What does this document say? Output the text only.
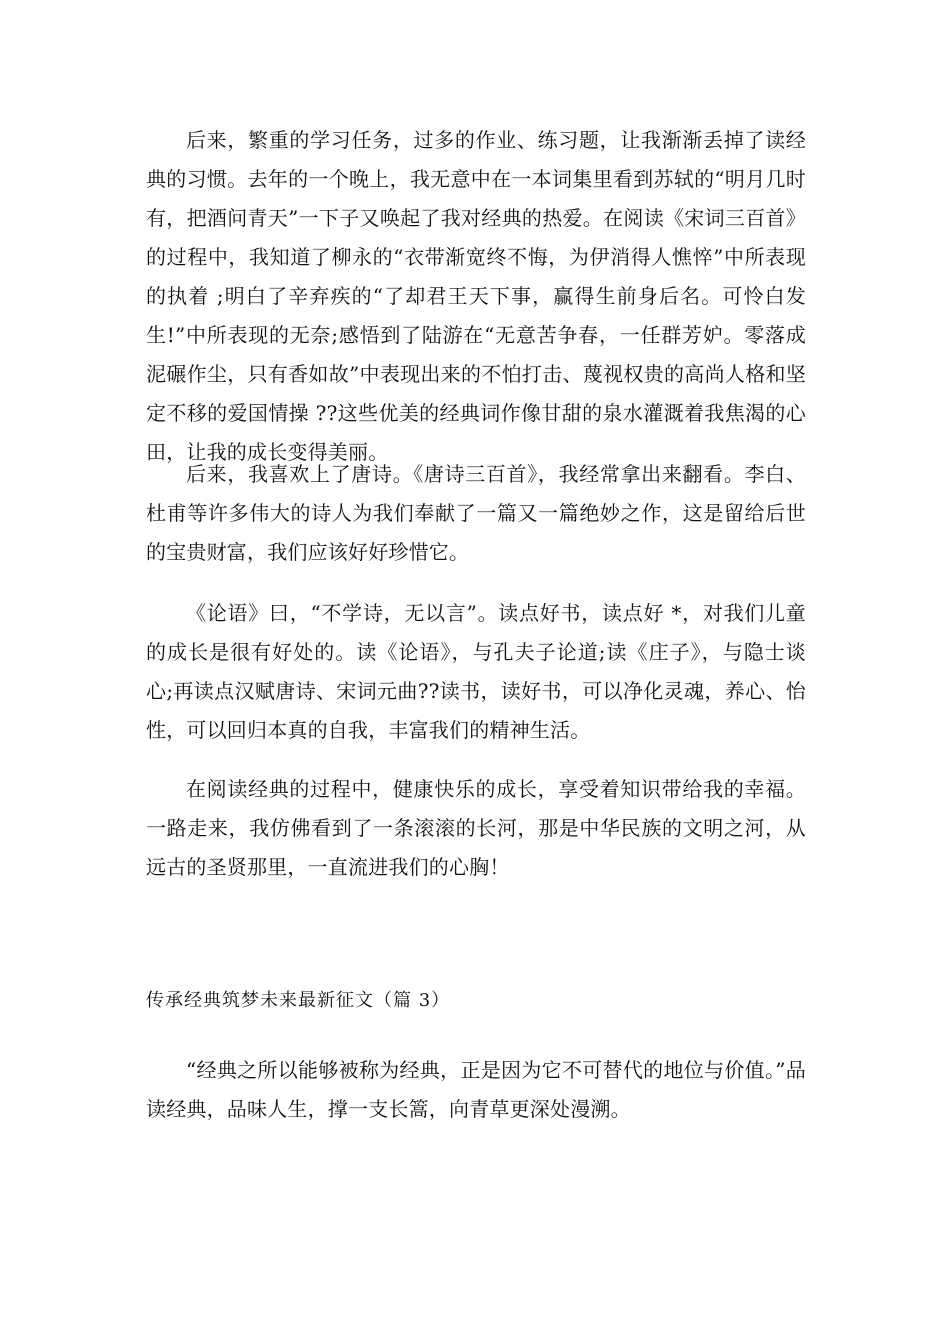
后来，繁重的学习任务，过多的作业、练习题，让我渐渐丢掉了读经典的习惯。去年的一个晚上，我无意中在一本词集里看到苏轼的“明月几时有，把酒问青天”一下子又唤起了我对经典的热爱。在阅读《宋词三百首》的过程中，我知道了柳永的“衣带渐宽终不悔，为伊消得人憔悴”中所表现的执着 ;明白了辛弃疾的“了却君王天下事，赢得生前身后名。可怜白发生!”中所表现的无奈;感悟到了陆游在“无意苦争春，一任群芳妒。零落成泥碾作尘，只有香如故”中表现出来的不怕打击、蔑视权贵的高尚人格和坚定不移的爱国情操 ??这些优美的经典词作像甘甜的泉水灌溉着我焦渴的心田，让我的成长变得美丽。

后来，我喜欢上了唐诗。《唐诗三百首》，我经常拿出来翻看。李白、杜甫等许多伟大的诗人为我们奉献了一篇又一篇绝妙之作，这是留给后世的宝贵财富，我们应该好好珍惜它。

《论语》曰，“不学诗，无以言”。读点好书，读点好 *，对我们儿童的成长是很有好处的。读《论语》，与孔夫子论道;读《庄子》，与隐士谈心;再读点汉赋唐诗、宋词元曲??读书，读好书，可以净化灵魂，养心、怡性，可以回归本真的自我，丰富我们的精神生活。

在阅读经典的过程中，健康快乐的成长，享受着知识带给我的幸福。一路走来，我仿佛看到了一条滚滚的长河，那是中华民族的文明之河，从远古的圣贤那里，一直流进我们的心胸！

传承经典筑梦未来最新征文（篇 3）

“经典之所以能够被称为经典，正是因为它不可替代的地位与价值。”品读经典，品味人生，撑一支长篙，向青草更深处漫溯。
